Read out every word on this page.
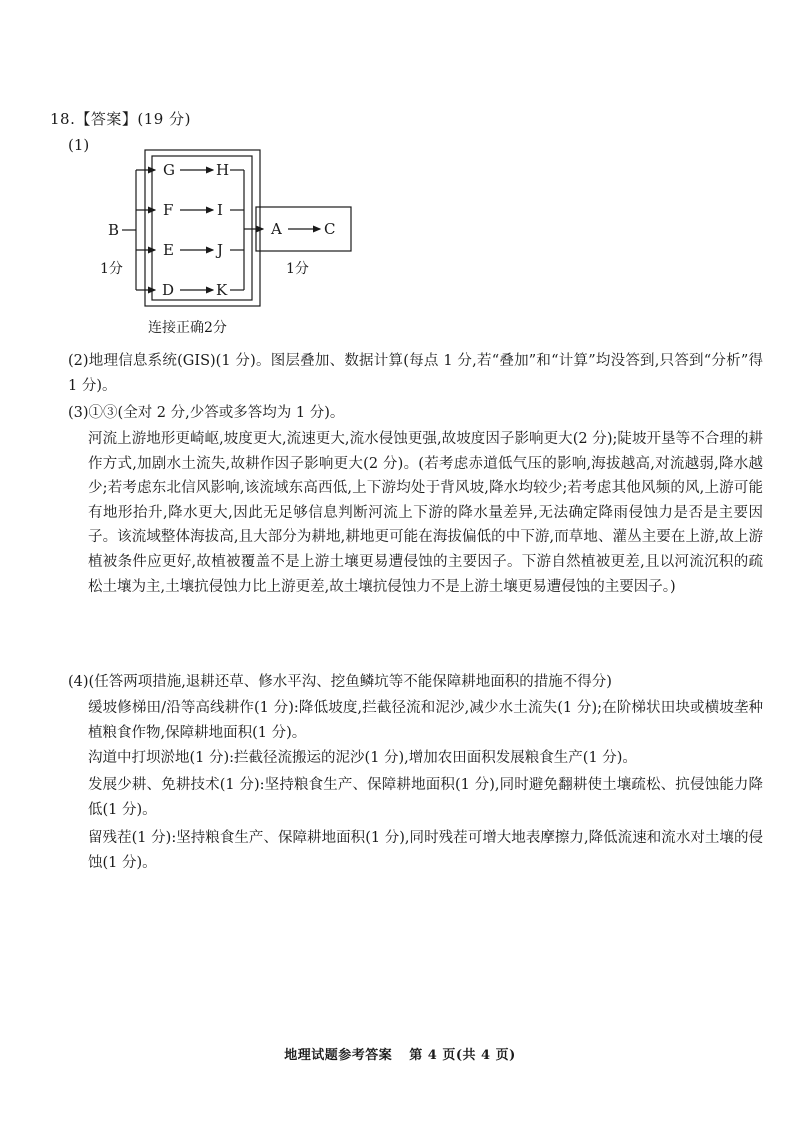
18.【答案】(19 分)
(1)
B
G	H
F	I
E	J
D	K
A	C
1分	1分
连接正确2分
(2)地理信息系统(GIS)(1 分)。图层叠加、数据计算(每点 1 分,若“叠加”和“计算”均没答到,只答到“分析”得 1 分)。
(3)①③(全对 2 分,少答或多答均为 1 分)。
河流上游地形更崎岖,坡度更大,流速更大,流水侵蚀更强,故坡度因子影响更大(2 分);陡坡开垦等不合理的耕作方式,加剧水土流失,故耕作因子影响更大(2 分)。(若考虑赤道低气压的影响,海拔越高,对流越弱,降水越少;若考虑东北信风影响,该流域东高西低,上下游均处于背风坡,降水均较少;若考虑其他风频的风,上游可能有地形抬升,降水更大,因此无足够信息判断河流上下游的降水量差异,无法确定降雨侵蚀力是否是主要因子。该流域整体海拔高,且大部分为耕地,耕地更可能在海拔偏低的中下游,而草地、灌丛主要在上游,故上游植被条件应更好,故植被覆盖不是上游土壤更易遭侵蚀的主要因子。下游自然植被更差,且以河流沉积的疏松土壤为主,土壤抗侵蚀力比上游更差,故土壤抗侵蚀力不是上游土壤更易遭侵蚀的主要因子。)
(4)(任答两项措施,退耕还草、修水平沟、挖鱼鳞坑等不能保障耕地面积的措施不得分)
缓坡修梯田/沿等高线耕作(1 分):降低坡度,拦截径流和泥沙,减少水土流失(1 分);在阶梯状田块或横坡垄种植粮食作物,保障耕地面积(1 分)。
沟道中打坝淤地(1 分):拦截径流搬运的泥沙(1 分),增加农田面积发展粮食生产(1 分)。
发展少耕、免耕技术(1 分):坚持粮食生产、保障耕地面积(1 分),同时避免翻耕使土壤疏松、抗侵蚀能力降低(1 分)。
留残茬(1 分):坚持粮食生产、保障耕地面积(1 分),同时残茬可增大地表摩擦力,降低流速和流水对土壤的侵蚀(1 分)。
地理试题参考答案 第 4 页(共 4 页)
